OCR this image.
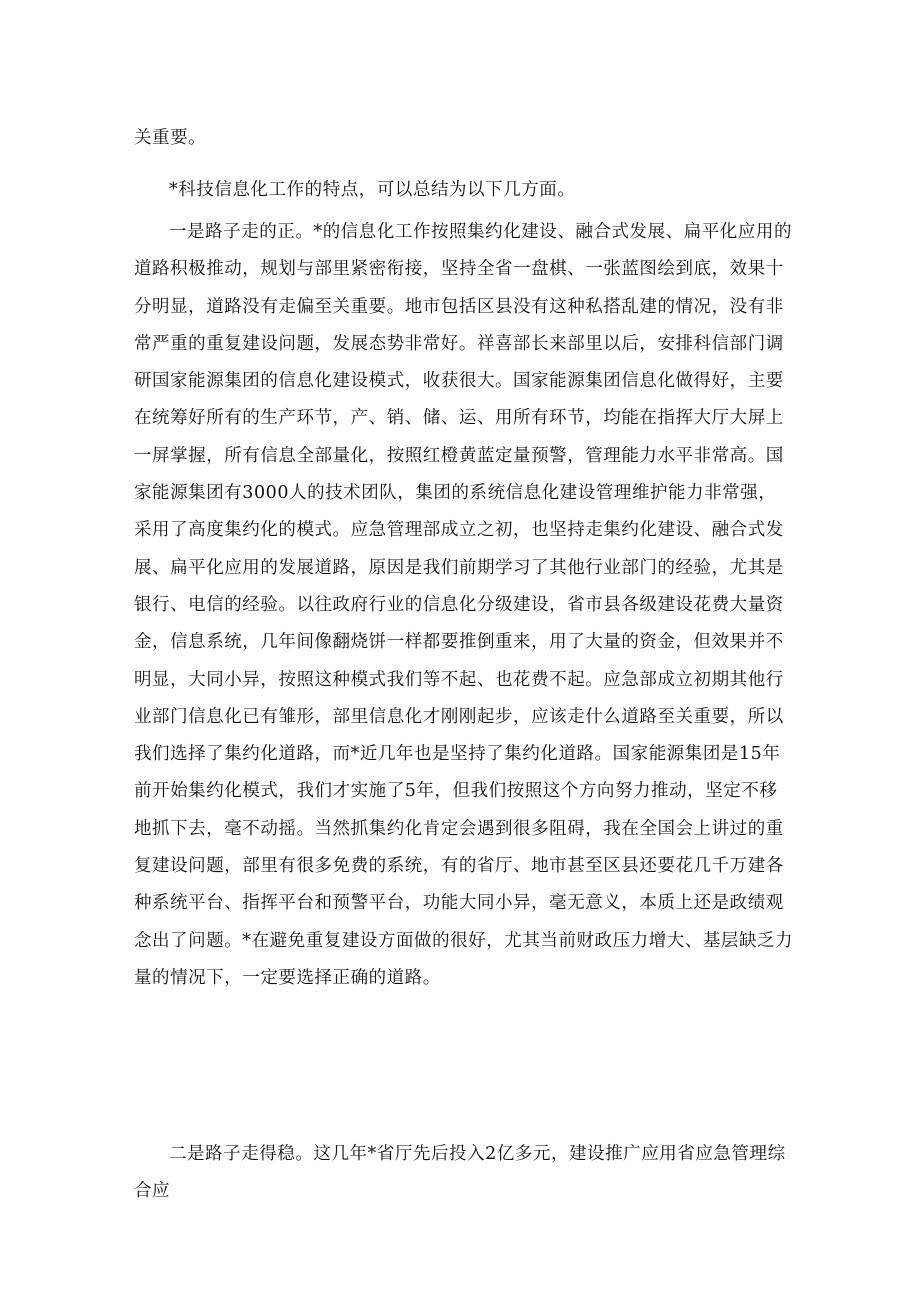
关重要。

*科技信息化工作的特点，可以总结为以下几方面。

一是路子走的正。*的信息化工作按照集约化建设、融合式发展、扁平化应用的道路积极推动，规划与部里紧密衔接，坚持全省一盘棋、一张蓝图绘到底，效果十分明显，道路没有走偏至关重要。地市包括区县没有这种私搭乱建的情况，没有非常严重的重复建设问题，发展态势非常好。祥喜部长来部里以后，安排科信部门调研国家能源集团的信息化建设模式，收获很大。国家能源集团信息化做得好，主要在统筹好所有的生产环节，产、销、储、运、用所有环节，均能在指挥大厅大屏上一屏掌握，所有信息全部量化，按照红橙黄蓝定量预警，管理能力水平非常高。国家能源集团有3000人的技术团队，集团的系统信息化建设管理维护能力非常强，采用了高度集约化的模式。应急管理部成立之初，也坚持走集约化建设、融合式发展、扁平化应用的发展道路，原因是我们前期学习了其他行业部门的经验，尤其是银行、电信的经验。以往政府行业的信息化分级建设，省市县各级建设花费大量资金，信息系统，几年间像翻烧饼一样都要推倒重来，用了大量的资金，但效果并不明显，大同小异，按照这种模式我们等不起、也花费不起。应急部成立初期其他行业部门信息化已有雏形，部里信息化才刚刚起步，应该走什么道路至关重要，所以我们选择了集约化道路，而*近几年也是坚持了集约化道路。国家能源集团是15年前开始集约化模式，我们才实施了5年，但我们按照这个方向努力推动，坚定不移地抓下去，毫不动摇。当然抓集约化肯定会遇到很多阻碍，我在全国会上讲过的重复建设问题，部里有很多免费的系统，有的省厅、地市甚至区县还要花几千万建各种系统平台、指挥平台和预警平台，功能大同小异，毫无意义，本质上还是政绩观念出了问题。*在避免重复建设方面做的很好，尤其当前财政压力增大、基层缺乏力量的情况下，一定要选择正确的道路。

二是路子走得稳。这几年*省厅先后投入2亿多元，建设推广应用省应急管理综合应
